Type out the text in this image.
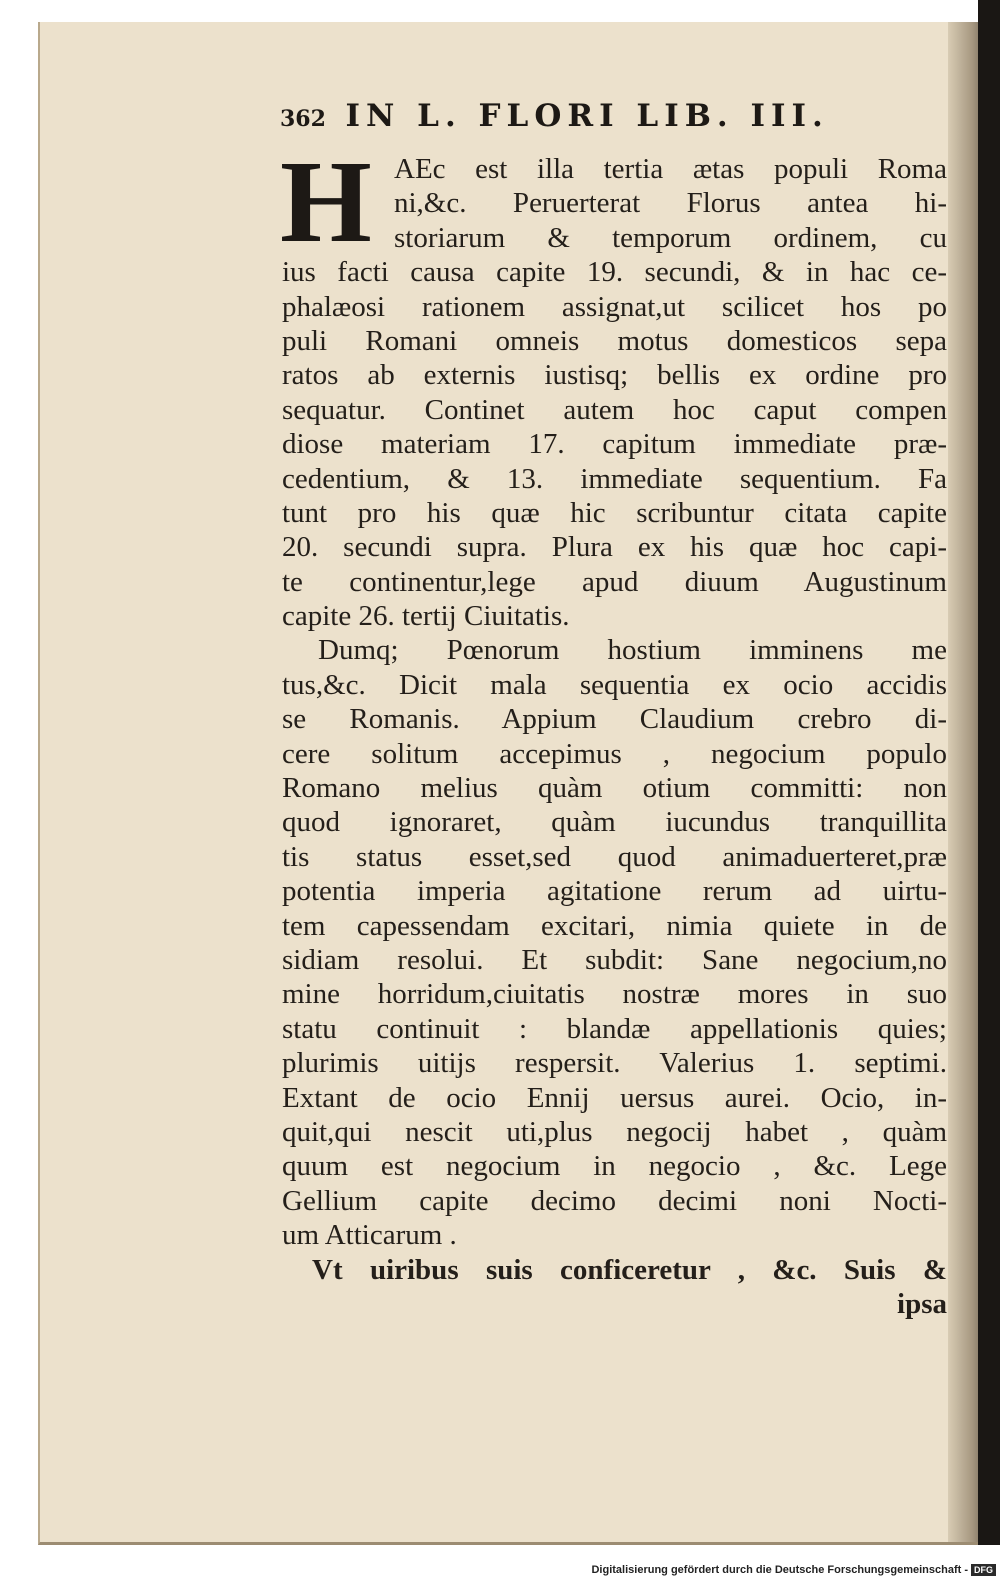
362 IN L. FLORI LIB. III.
H AEc est illa tertia ætas populi Roma
ni,&c. Peruerterat Florus antea hi-
storiarum & temporum ordinem, cu
ius facti causa capite 19. secundi, & in hac ce-
phalæosi rationem assignat,ut scilicet hos po
puli Romani omneis motus domesticos sepa
ratos ab externis iustisq; bellis ex ordine pro
sequatur. Continet autem hoc caput compen
diose materiam 17. capitum immediate præ-
cedentium, & 13. immediate sequentium. Fa
tunt pro his quæ hic scribuntur citata capite
20. secundi supra. Plura ex his quæ hoc capi-
te continentur,lege apud diuum Augustinum
capite 26. tertij Ciuitatis.
Dumq; Pœnorum hostium imminens me
tus,&c. Dicit mala sequentia ex ocio accidis
se Romanis. Appium Claudium crebro di-
cere solitum accepimus , negocium populo
Romano melius quàm otium committi: non
quod ignoraret, quàm iucundus tranquillita
tis status esset,sed quod animaduerteret,præ
potentia imperia agitatione rerum ad uirtu-
tem capessendam excitari, nimia quiete in de
sidiam resolui. Et subdit: Sane negocium,no
mine horridum,ciuitatis nostræ mores in suo
statu continuit : blandæ appellationis quies;
plurimis uitijs respersit. Valerius 1. septimi.
Extant de ocio Ennij uersus aurei. Ocio, in-
quit,qui nescit uti,plus negocij habet , quàm
quum est negocium in negocio , &c. Lege
Gellium capite decimo decimi noni Nocti-
um Atticarum .
Vt uiribus suis conficeretur , &c. Suis &
ipsa
Digitalisierung gefördert durch die Deutsche Forschungsgemeinschaft - DFG
